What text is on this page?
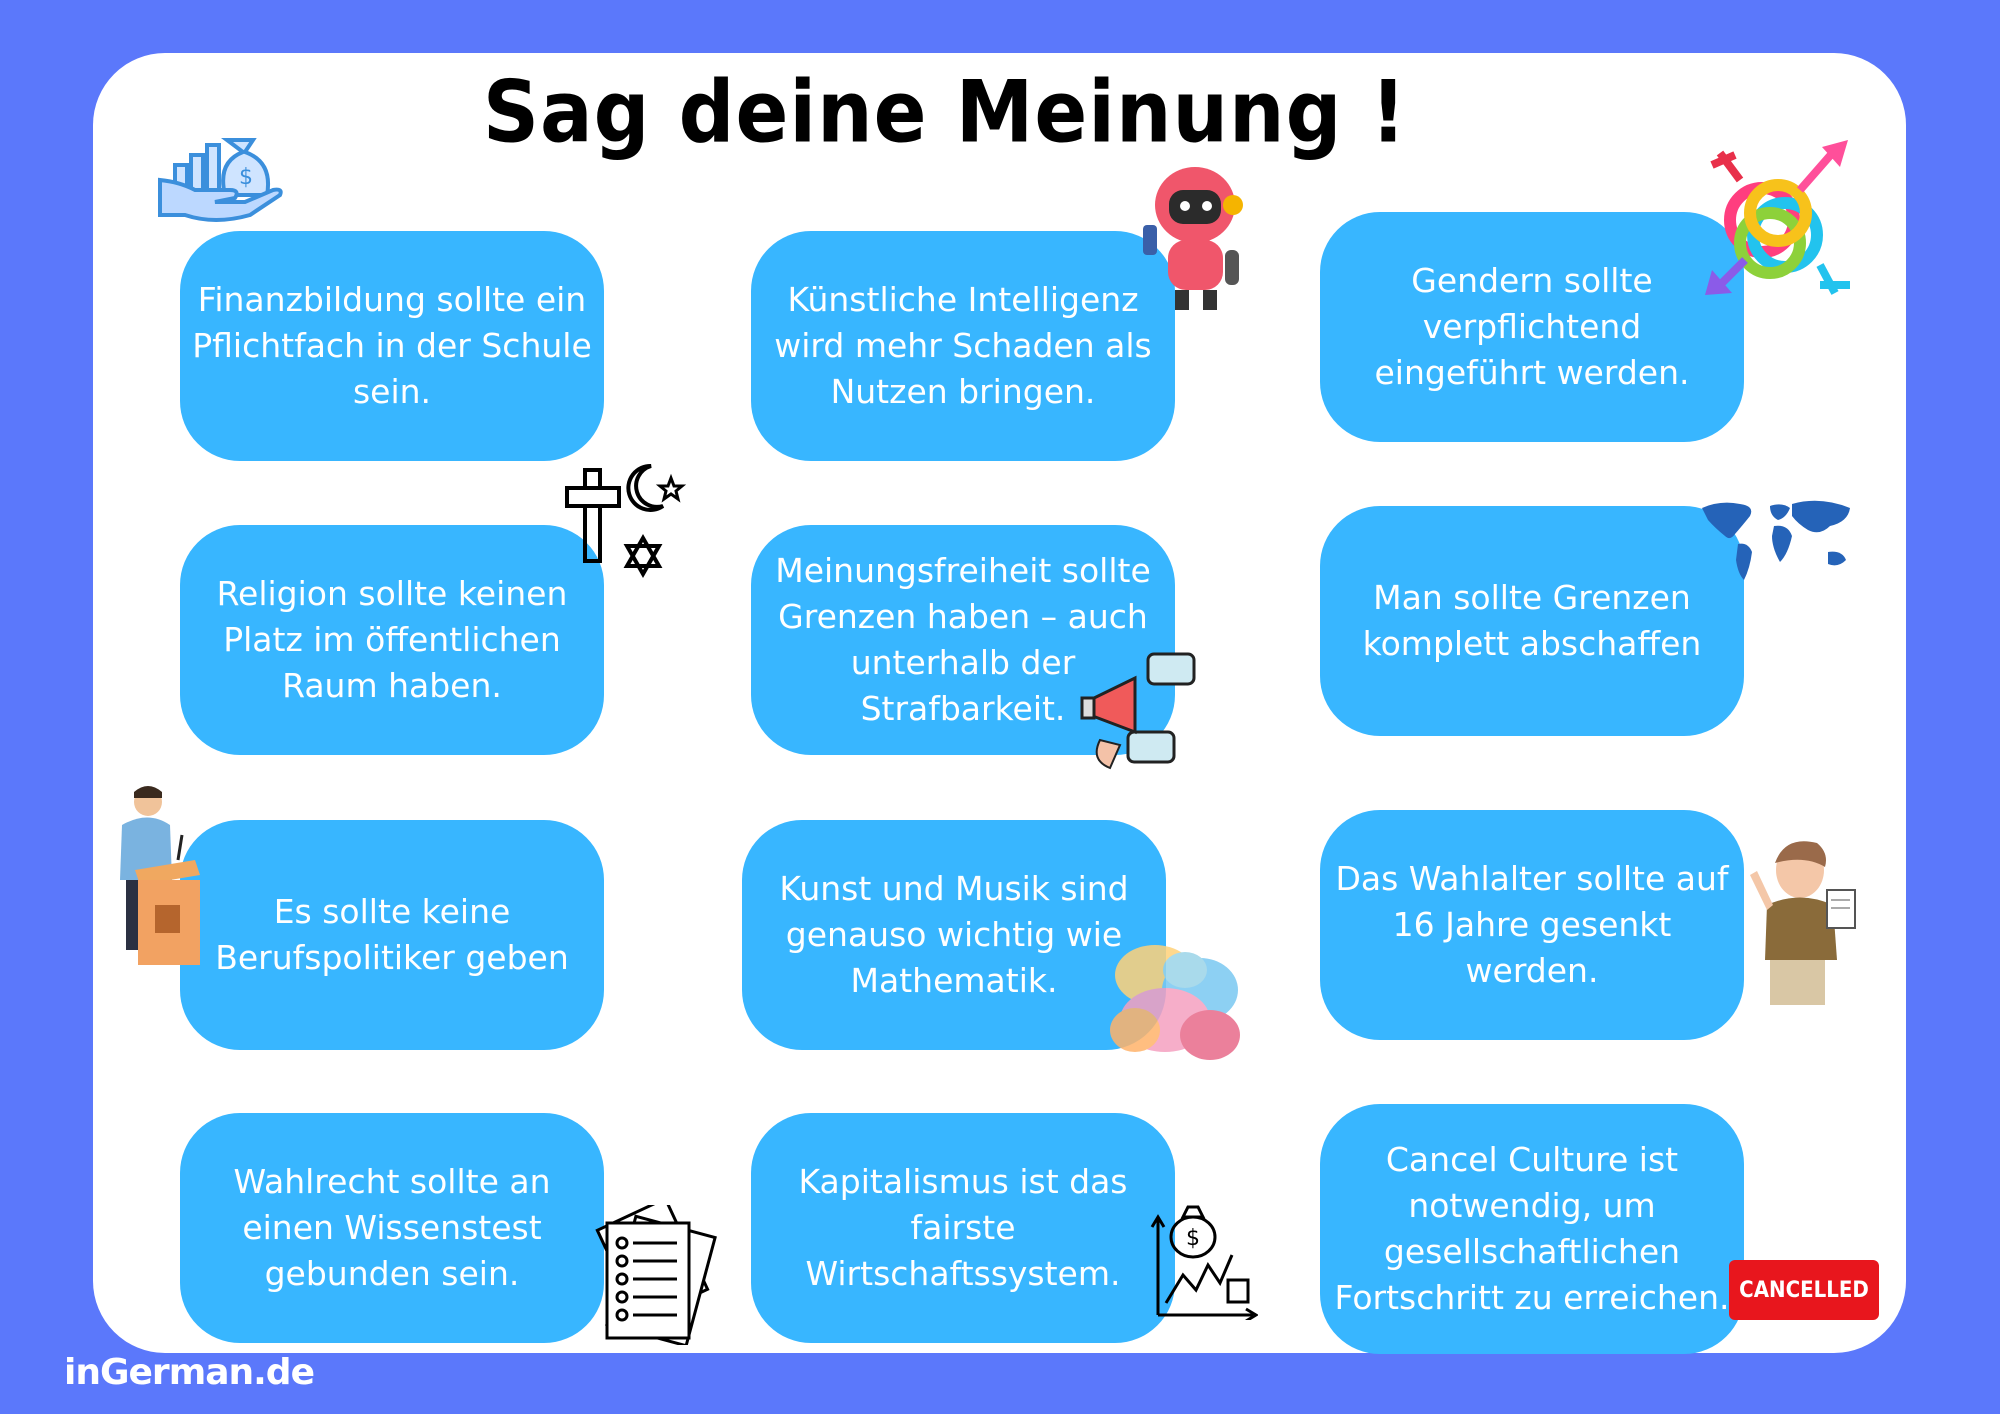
Sag deine Meinung !
Finanzbildung sollte ein Pflichtfach in der Schule sein.
Künstliche Intelligenz wird mehr Schaden als Nutzen bringen.
Gendern sollte verpflichtend eingeführt werden.
Religion sollte keinen Platz im öffentlichen Raum haben.
Meinungsfreiheit sollte Grenzen haben – auch unterhalb der Strafbarkeit.
Man sollte Grenzen komplett abschaffen
Es sollte keine Berufspolitiker geben
Kunst und Musik sind genauso wichtig wie Mathematik.
Das Wahlalter sollte auf 16 Jahre gesenkt werden.
Wahlrecht sollte an einen Wissenstest gebunden sein.
Kapitalismus ist das fairste Wirtschaftssystem.
Cancel Culture ist notwendig, um gesellschaftlichen Fortschritt zu erreichen.
$
$
CANCELLED
inGerman.de
